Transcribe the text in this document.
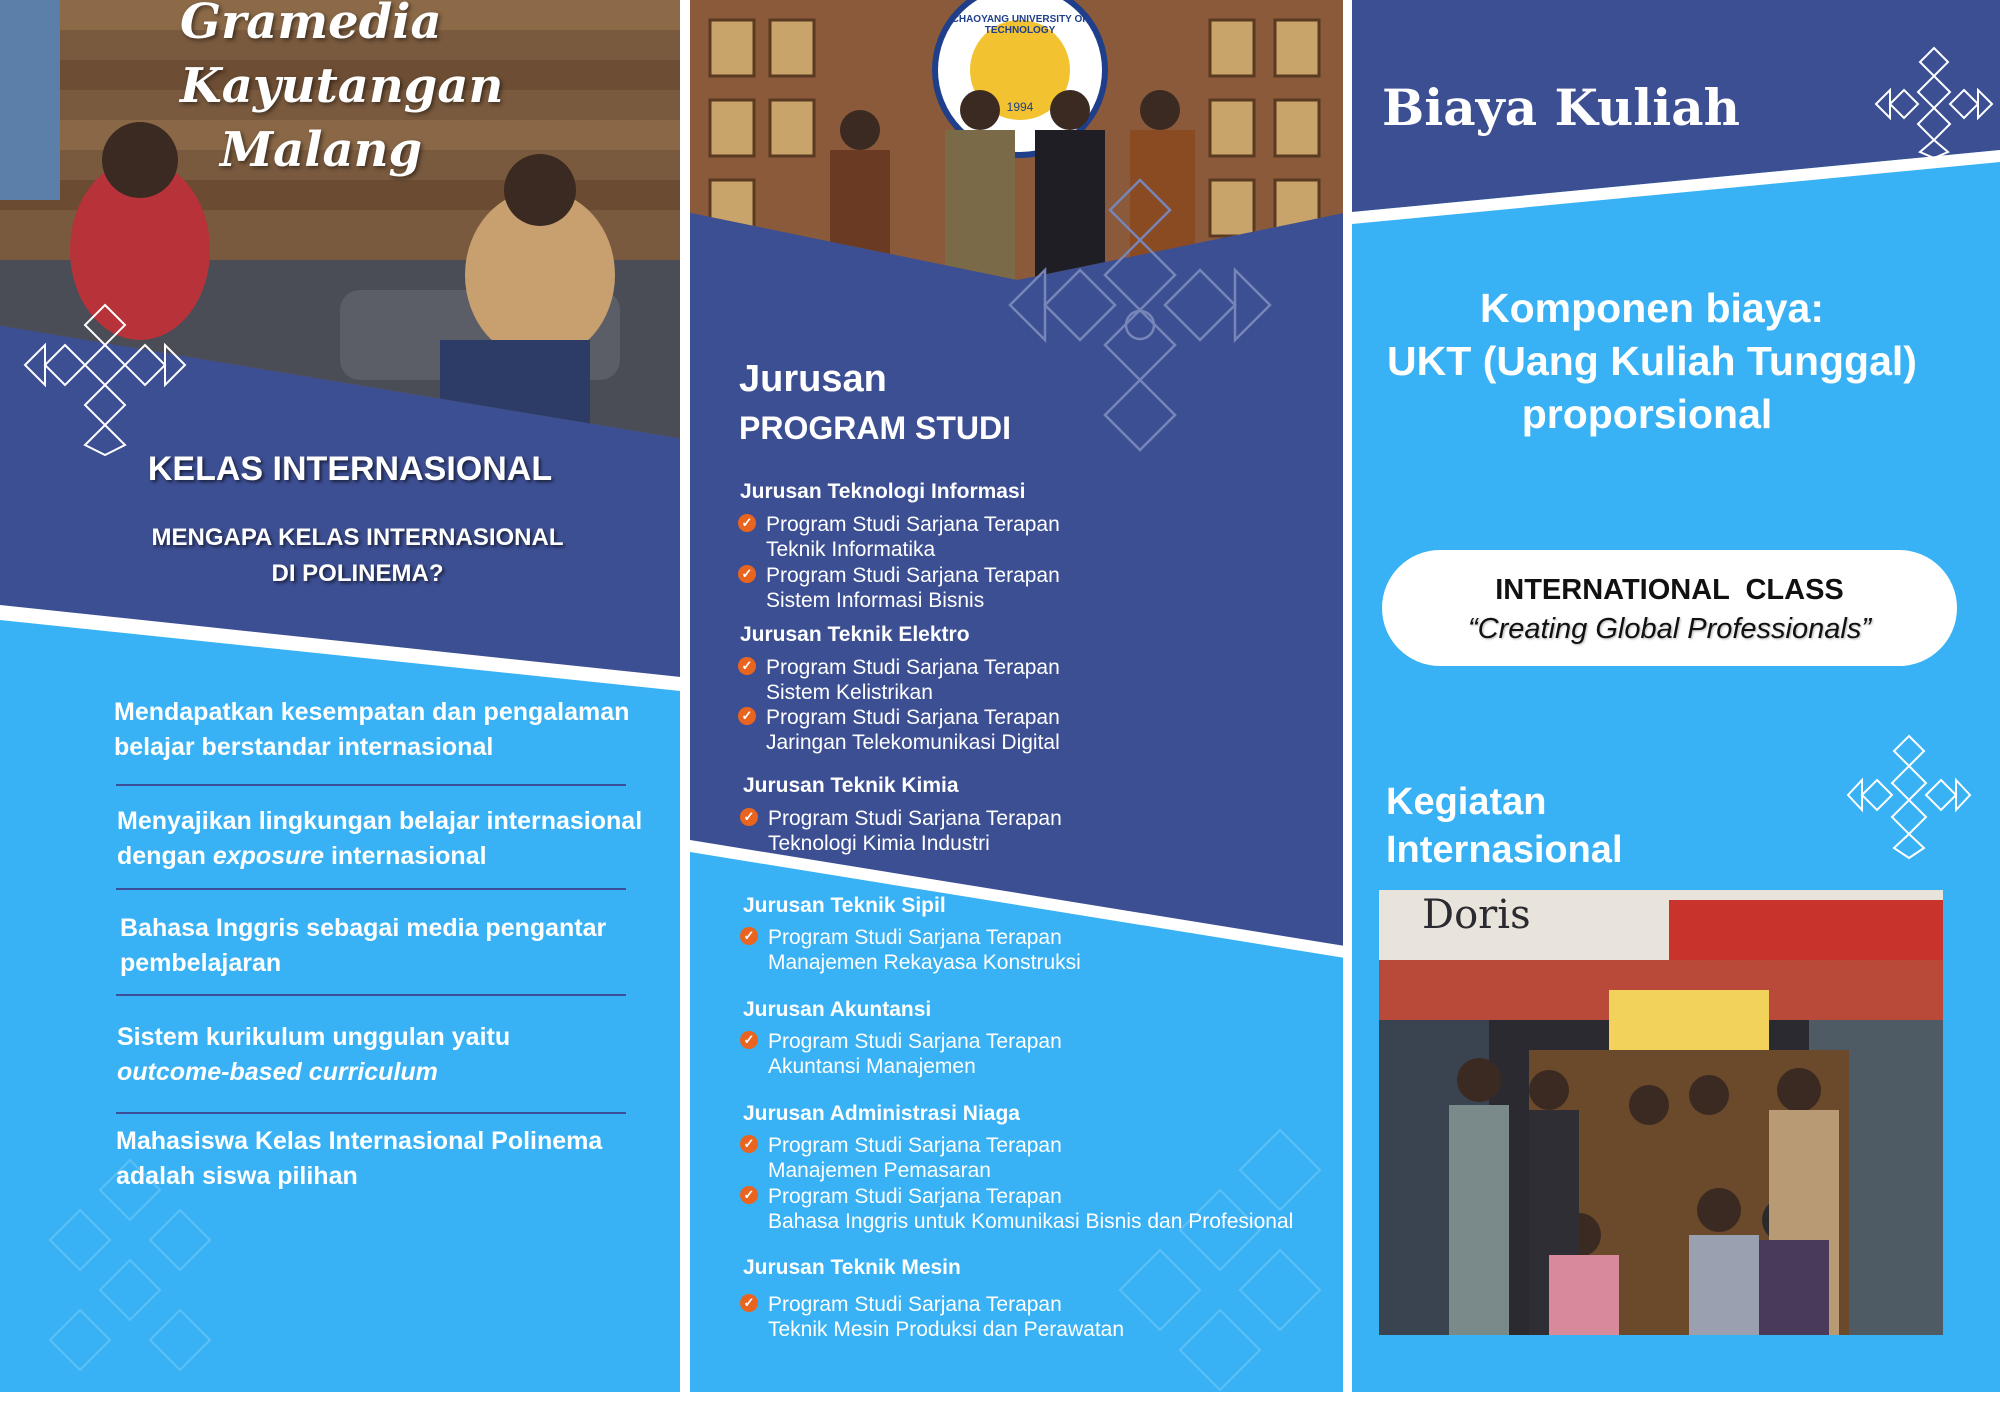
Gramedia
Kayutangan
Malang
KELAS INTERNASIONAL
MENGAPA KELAS INTERNASIONAL
DI POLINEMA?
Mendapatkan kesempatan dan pengalaman
belajar berstandar internasional
Menyajikan lingkungan belajar internasional
dengan exposure internasional
Bahasa Inggris sebagai media pengantar
pembelajaran
Sistem kurikulum unggulan yaitu
outcome-based curriculum
Mahasiswa Kelas Internasional Polinema
adalah siswa pilihan
CHAOYANG UNIVERSITY OF TECHNOLOGY
1994
Jurusan
PROGRAM STUDI
Jurusan Teknologi Informasi
✓ Program Studi Sarjana Terapan
Teknik Informatika
✓ Program Studi Sarjana Terapan
Sistem Informasi Bisnis
Jurusan Teknik Elektro
✓ Program Studi Sarjana Terapan
Sistem Kelistrikan
✓ Program Studi Sarjana Terapan
Jaringan Telekomunikasi Digital
Jurusan Teknik Kimia
✓ Program Studi Sarjana Terapan
Teknologi Kimia Industri
Jurusan Teknik Sipil
✓ Program Studi Sarjana Terapan
Manajemen Rekayasa Konstruksi
Jurusan Akuntansi
✓ Program Studi Sarjana Terapan
Akuntansi Manajemen
Jurusan Administrasi Niaga
✓ Program Studi Sarjana Terapan
Manajemen Pemasaran
✓ Program Studi Sarjana Terapan
Bahasa Inggris untuk Komunikasi Bisnis dan Profesional
Jurusan Teknik Mesin
✓ Program Studi Sarjana Terapan
Teknik Mesin Produksi dan Perawatan
Biaya Kuliah
Komponen biaya:
UKT (Uang Kuliah Tunggal)
proporsional
INTERNATIONAL  CLASS
“Creating Global Professionals”
Kegiatan
Internasional
Doris
